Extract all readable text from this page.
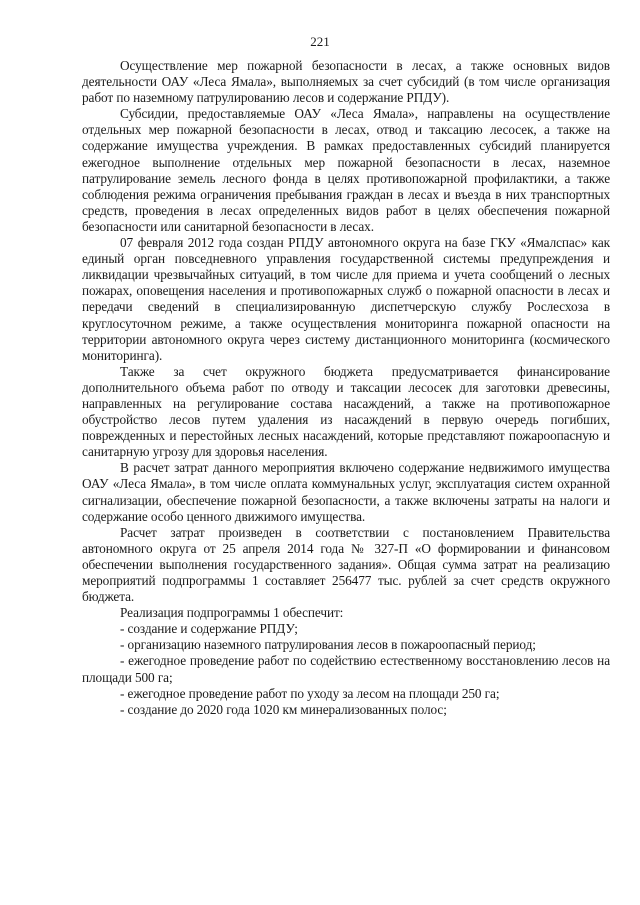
221

Осуществление мер пожарной безопасности в лесах, а также основных видов деятельности ОАУ «Леса Ямала», выполняемых за счет субсидий (в том числе организация работ по наземному патрулированию лесов и содержание РПДУ).

Субсидии, предоставляемые ОАУ «Леса Ямала», направлены на осуществление отдельных мер пожарной безопасности в лесах, отвод и таксацию лесосек, а также на содержание имущества учреждения. В рамках предоставленных субсидий планируется ежегодное выполнение отдельных мер пожарной безопасности в лесах, наземное патрулирование земель лесного фонда в целях противопожарной профилактики, а также соблюдения режима ограничения пребывания граждан в лесах и въезда в них транспортных средств, проведения в лесах определенных видов работ в целях обеспечения пожарной безопасности или санитарной безопасности в лесах.

07 февраля 2012 года создан РПДУ автономного округа на базе ГКУ «Ямалспас» как единый орган повседневного управления государственной системы предупреждения и ликвидации чрезвычайных ситуаций, в том числе для приема и учета сообщений о лесных пожарах, оповещения населения и противопожарных служб о пожарной опасности в лесах и передачи сведений в специализированную диспетчерскую службу Рослесхоза в круглосуточном режиме, а также осуществления мониторинга пожарной опасности на территории автономного округа через систему дистанционного мониторинга (космического мониторинга).

Также за счет окружного бюджета предусматривается финансирование дополнительного объема работ по отводу и таксации лесосек для заготовки древесины, направленных на регулирование состава насаждений, а также на противопожарное обустройство лесов путем удаления из насаждений в первую очередь погибших, поврежденных и перестойных лесных насаждений, которые представляют пожароопасную и санитарную угрозу для здоровья населения.

В расчет затрат данного мероприятия включено содержание недвижимого имущества ОАУ «Леса Ямала», в том числе оплата коммунальных услуг, эксплуатация систем охранной сигнализации, обеспечение пожарной безопасности, а также включены затраты на налоги и содержание особо ценного движимого имущества.

Расчет затрат произведен в соответствии с постановлением Правительства автономного округа от 25 апреля 2014 года № 327-П «О формировании и финансовом обеспечении выполнения государственного задания». Общая сумма затрат на реализацию мероприятий подпрограммы 1 составляет 256477 тыс. рублей за счет средств окружного бюджета.

Реализация подпрограммы 1 обеспечит:

- создание и содержание РПДУ;

- организацию наземного патрулирования лесов в пожароопасный период;

- ежегодное проведение работ по содействию естественному восстановлению лесов на площади 500 га;

- ежегодное проведение работ по уходу за лесом на площади 250 га;

- создание до 2020 года 1020 км минерализованных полос;
